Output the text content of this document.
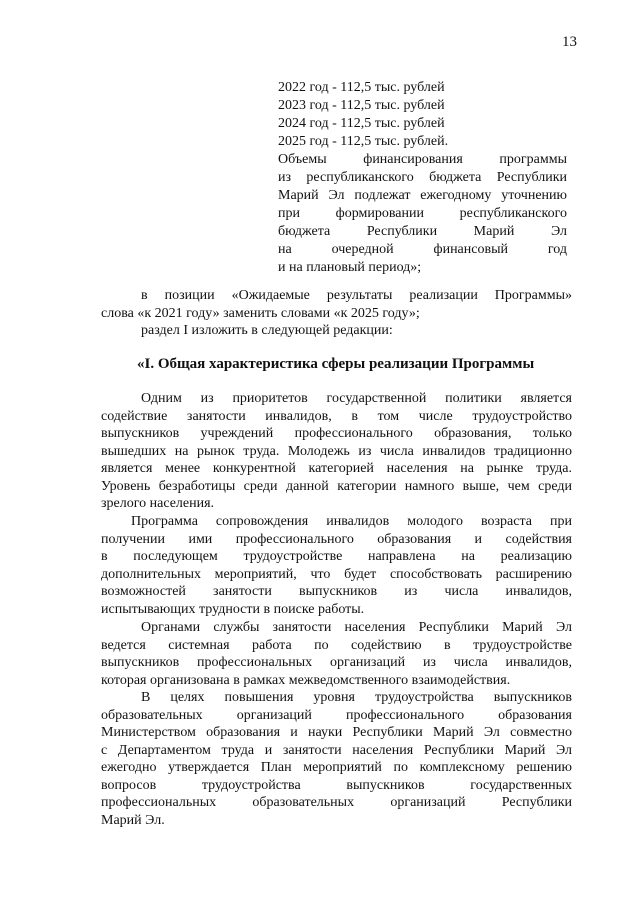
13
2022 год - 112,5 тыс. рублей
2023 год - 112,5 тыс. рублей
2024 год - 112,5 тыс. рублей
2025 год - 112,5 тыс. рублей.
Объемы финансирования программы
из республиканского бюджета Республики
Марий Эл подлежат ежегодному уточнению
при формировании республиканского
бюджета Республики Марий Эл
на очередной финансовый год
и на плановый период»;
в позиции «Ожидаемые результаты реализации Программы»
слова «к 2021 году» заменить словами «к 2025 году»;
раздел I изложить в следующей редакции:
«I. Общая характеристика сферы реализации Программы
Одним из приоритетов государственной политики является
содействие занятости инвалидов, в том числе трудоустройство
выпускников учреждений профессионального образования, только
вышедших на рынок труда. Молодежь из числа инвалидов традиционно
является менее конкурентной категорией населения на рынке труда.
Уровень безработицы среди данной категории намного выше, чем среди
зрелого населения.
Программа сопровождения инвалидов молодого возраста при
получении ими профессионального образования и содействия
в последующем трудоустройстве направлена на реализацию
дополнительных мероприятий, что будет способствовать расширению
возможностей занятости выпускников из числа инвалидов,
испытывающих трудности в поиске работы.
Органами службы занятости населения Республики Марий Эл
ведется системная работа по содействию в трудоустройстве
выпускников профессиональных организаций из числа инвалидов,
которая организована в рамках межведомственного взаимодействия.
В целях повышения уровня трудоустройства выпускников
образовательных организаций профессионального образования
Министерством образования и науки Республики Марий Эл совместно
с Департаментом труда и занятости населения Республики Марий Эл
ежегодно утверждается План мероприятий по комплексному решению
вопросов трудоустройства выпускников государственных
профессиональных образовательных организаций Республики
Марий Эл.
